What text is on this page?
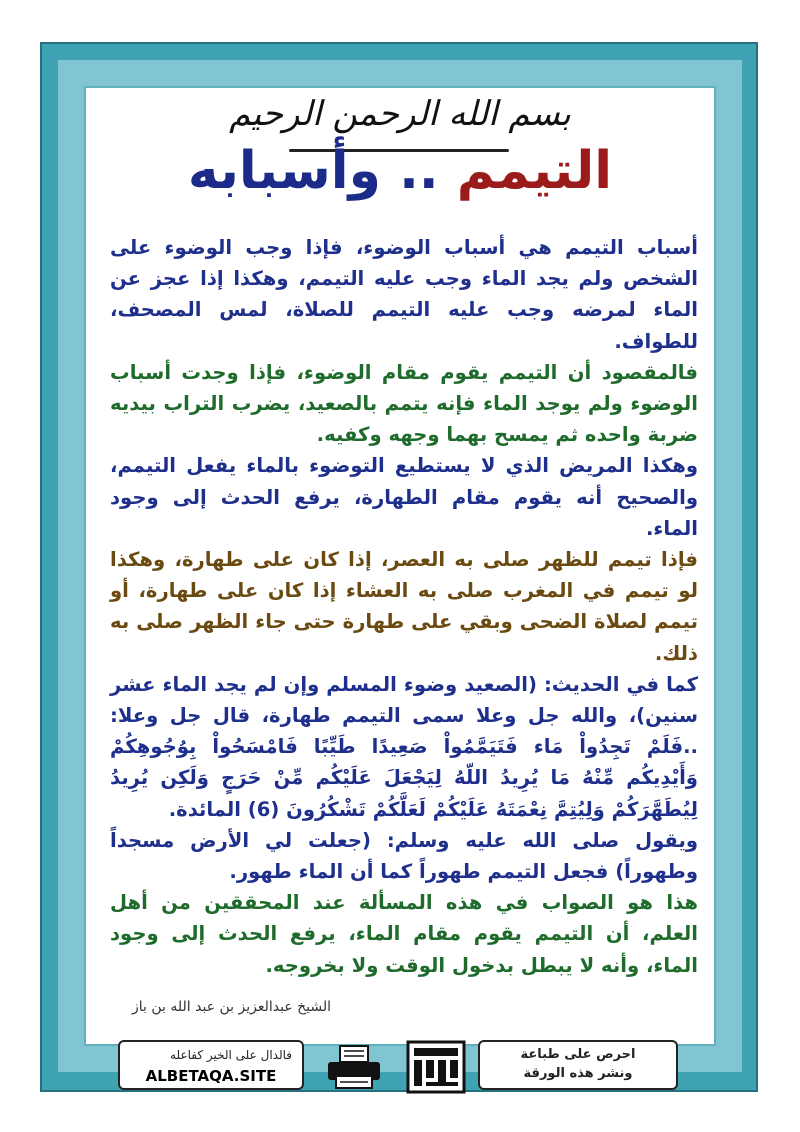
بسم الله الرحمن الرحيم
التيمم .. وأسبابه

أسباب التيمم هي أسباب الوضوء، فإذا وجب الوضوء على الشخص ولم يجد الماء وجب عليه التيمم، وهكذا إذا عجز عن الماء لمرضه وجب عليه التيمم للصلاة، لمس المصحف، للطواف.

فالمقصود أن التيمم يقوم مقام الوضوء، فإذا وجدت أسباب الوضوء ولم يوجد الماء فإنه يتمم بالصعيد، يضرب التراب بيديه ضربة واحده ثم يمسح بهما وجهه وكفيه.

وهكذا المريض الذي لا يستطيع التوضوء بالماء يفعل التيمم، والصحيح أنه يقوم مقام الطهارة، يرفع الحدث إلى وجود الماء.

فإذا تيمم للظهر صلى به العصر، إذا كان على طهارة، وهكذا لو تيمم في المغرب صلى به العشاء إذا كان على طهارة، أو تيمم لصلاة الضحى وبقي على طهارة حتى جاء الظهر صلى به ذلك.

كما في الحديث: (الصعيد وضوء المسلم وإن لم يجد الماء عشر سنين)، والله جل وعلا سمى التيمم طهارة، قال جل وعلا: ..فَلَمْ تَجِدُواْ مَاء فَتَيَمَّمُواْ صَعِيدًا طَيِّبًا فَامْسَحُواْ بِوُجُوهِكُمْ وَأَيْدِيكُم مِّنْهُ مَا يُرِيدُ اللّهُ لِيَجْعَلَ عَلَيْكُم مِّنْ حَرَجٍ وَلَكِن يُرِيدُ لِيُطَهَّرَكُمْ وَلِيُتِمَّ نِعْمَتَهُ عَلَيْكُمْ لَعَلَّكُمْ تَشْكُرُونَ (6) المائدة.

ويقول صلى الله عليه وسلم: (جعلت لي الأرض مسجداً وطهوراً) فجعل التيمم طهوراً كما أن الماء طهور.

هذا هو الصواب في هذه المسألة عند المحققين من أهل العلم، أن التيمم يقوم مقام الماء، يرفع الحدث إلى وجود الماء، وأنه لا يبطل بدخول الوقت ولا بخروجه.

الشيخ عبدالعزيز بن عبد الله بن باز
فالدال على الخير كفاعله
ALBETAQA.SITE
احرص على طباعة
ونشر هذه الورقة
